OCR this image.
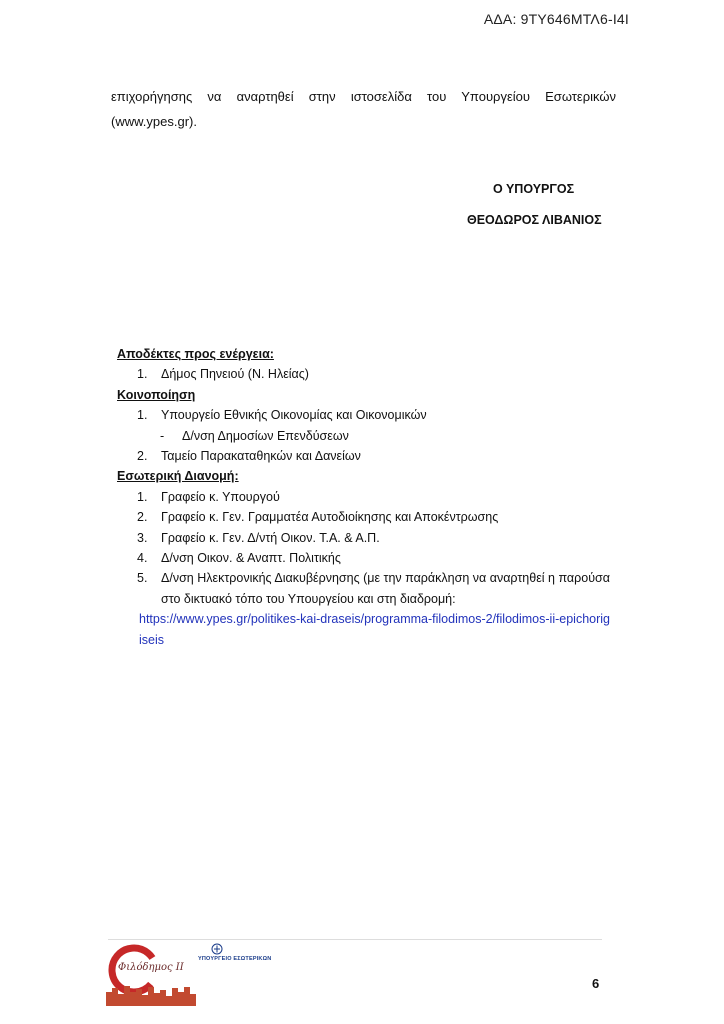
ΑΔΑ: 9ΤΥ646ΜΤΛ6-Ι4Ι
επιχορήγησης να αναρτηθεί στην ιστοσελίδα του Υπουργείου Εσωτερικών (www.ypes.gr).
Ο ΥΠΟΥΡΓΟΣ
ΘΕΟΔΩΡΟΣ ΛΙΒΑΝΙΟΣ
Αποδέκτες προς ενέργεια:
1. Δήμος Πηνειού (Ν. Ηλείας)
Κοινοποίηση
1. Υπουργείο Εθνικής Οικονομίας και Οικονομικών
- Δ/νση Δημοσίων Επενδύσεων
2. Ταμείο Παρακαταθηκών και Δανείων
Εσωτερική Διανομή:
1. Γραφείο κ. Υπουργού
2. Γραφείο κ. Γεν. Γραμματέα Αυτοδιοίκησης και Αποκέντρωσης
3. Γραφείο κ. Γεν. Δ/ντή Οικον. Τ.Α. & Α.Π.
4. Δ/νση Οικον. & Αναπτ. Πολιτικής
5. Δ/νση Ηλεκτρονικής Διακυβέρνησης (με την παράκληση να αναρτηθεί η παρούσα στο δικτυακό τόπο του Υπουργείου και στη διαδρομή:
https://www.ypes.gr/politikes-kai-draseis/programma-filodimos-2/filodimos-ii-epichorigiseis
Φιλόδημος ΙΙ
ΥΠΟΥΡΓΕΙΟ ΕΣΩΤΕΡΙΚΩΝ
6
